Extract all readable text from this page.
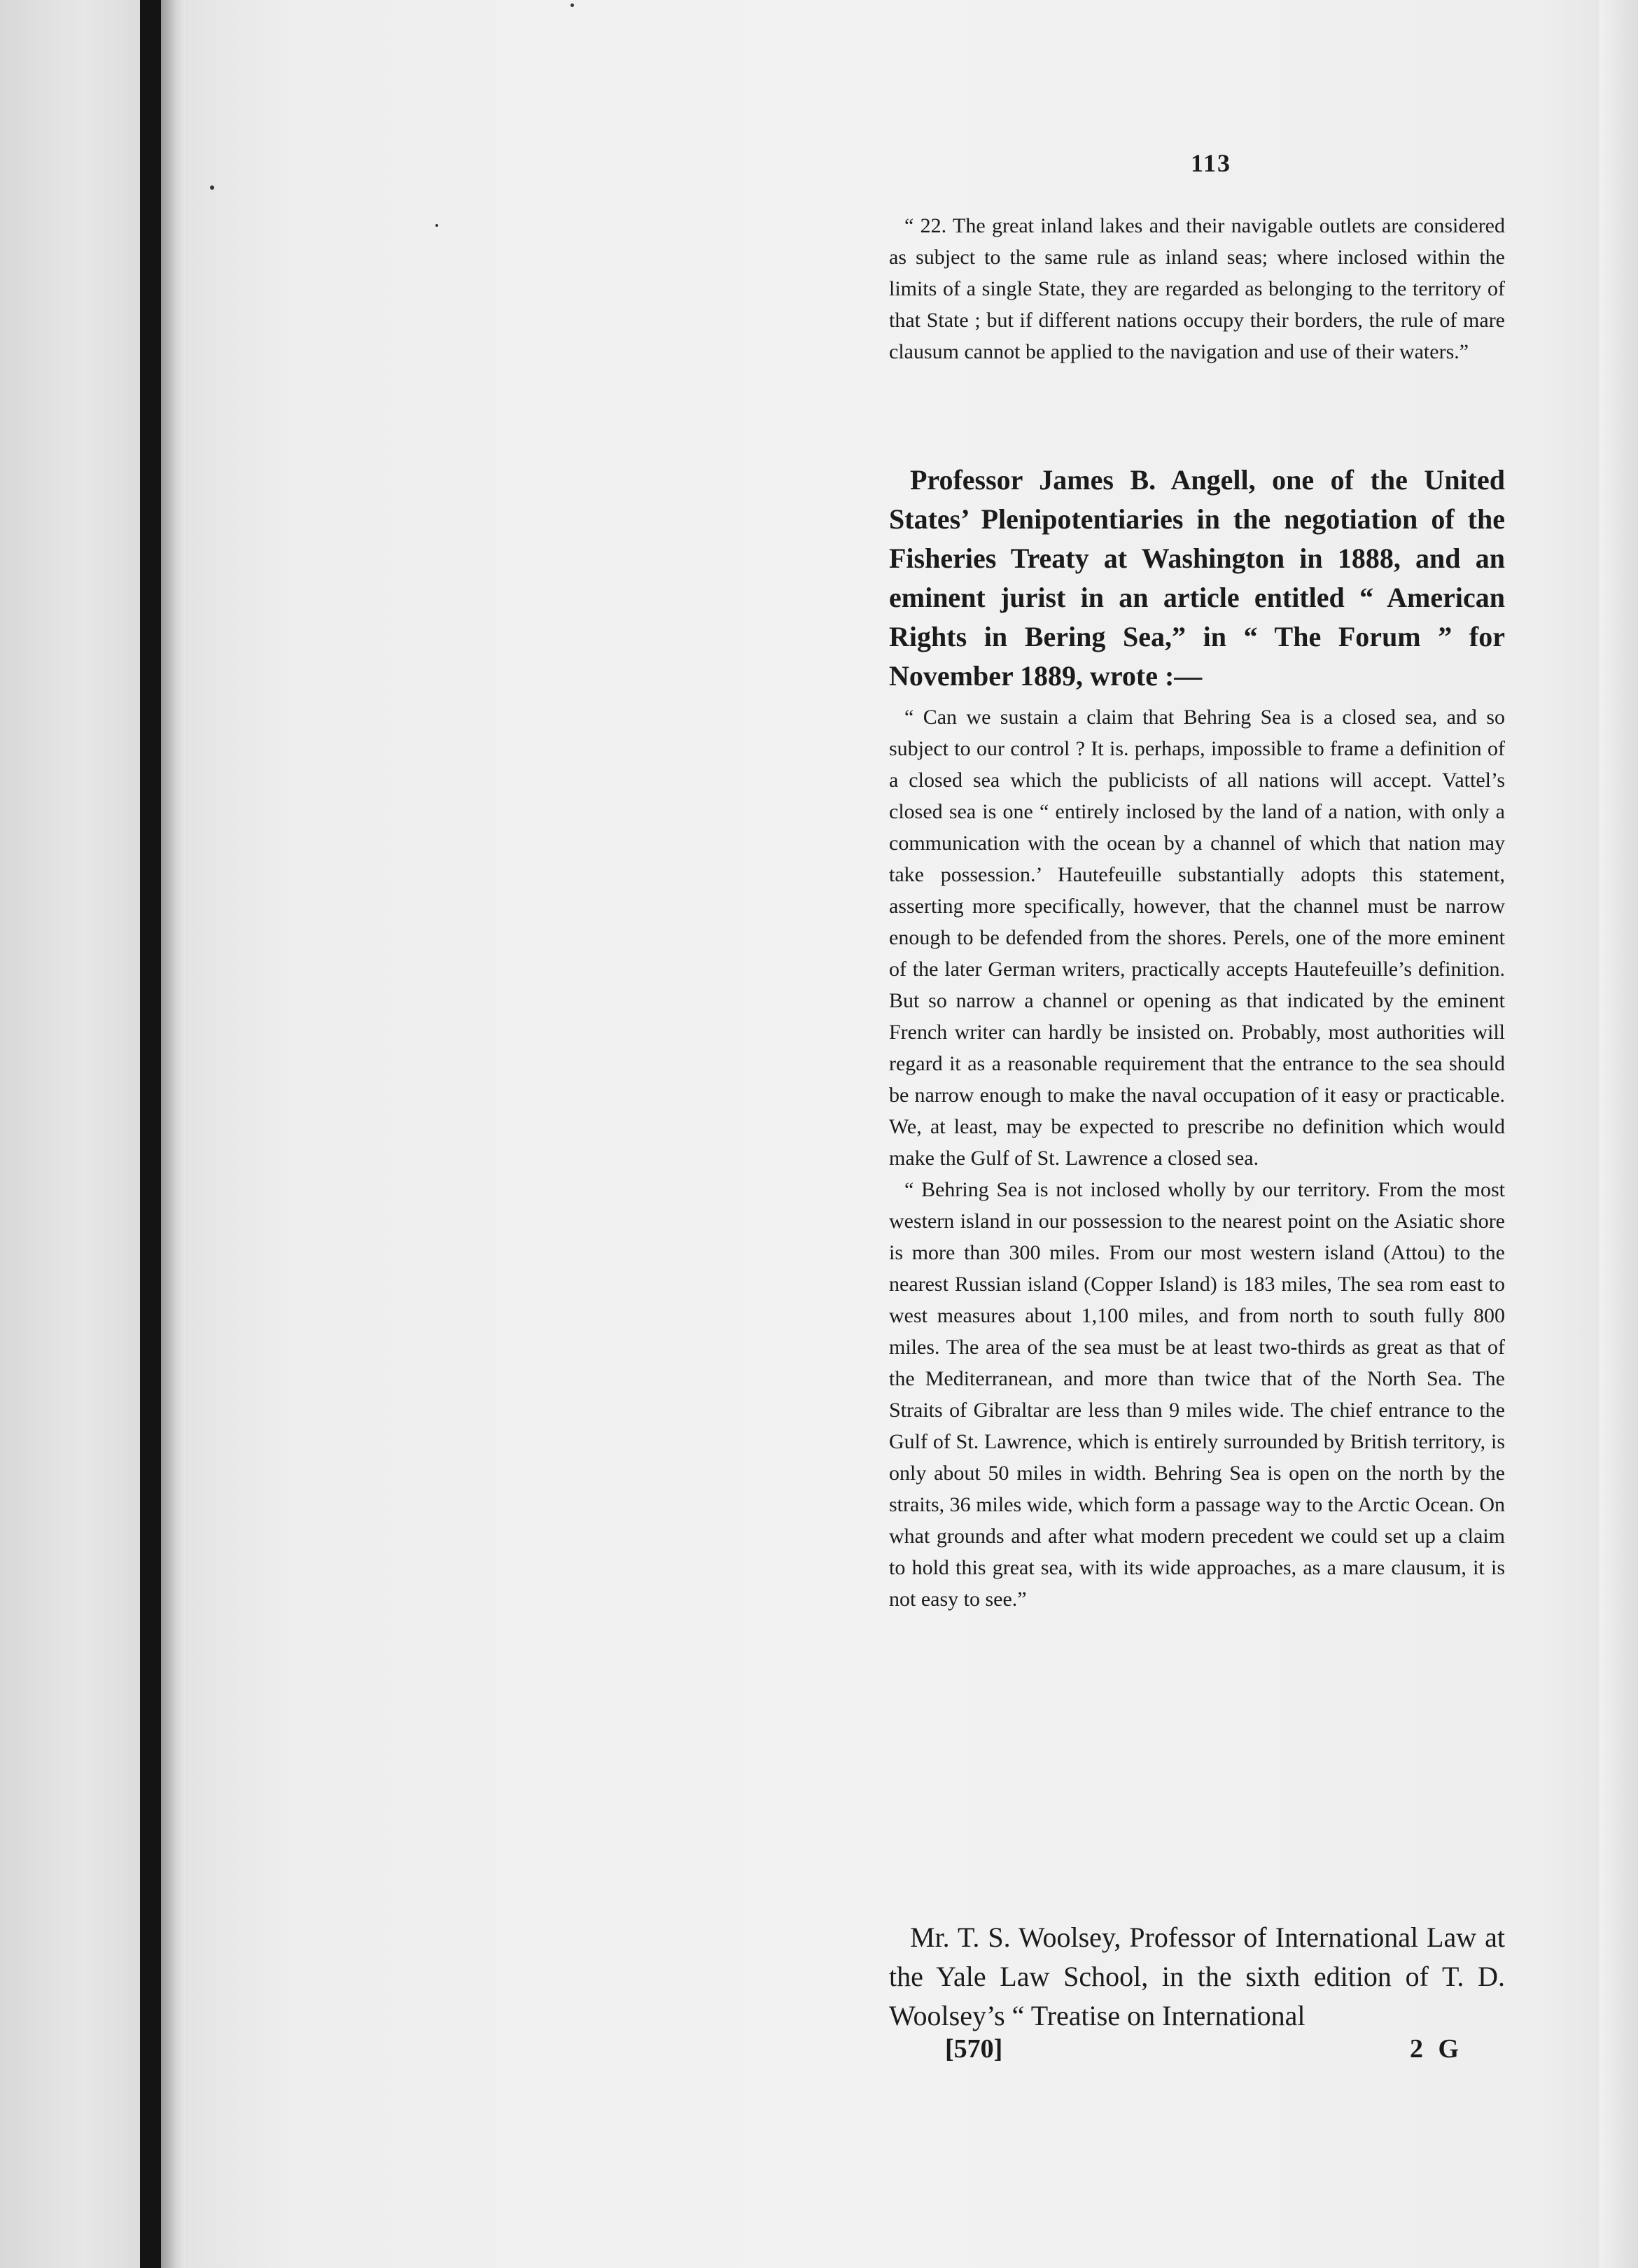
113

“ 22. The great inland lakes and their navigable outlets are considered as subject to the same rule as inland seas; where inclosed within the limits of a single State, they are regarded as belonging to the territory of that State ; but if different nations occupy their borders, the rule of mare clausum cannot be applied to the navigation and use of their waters.”

Professor James B. Angell, one of the United States’ Plenipotentiaries in the negotiation of the Fisheries Treaty at Washington in 1888, and an eminent jurist in an article entitled “ American Rights in Bering Sea,” in “ The Forum ” for November 1889, wrote :—

“ Can we sustain a claim that Behring Sea is a closed sea, and so subject to our control ? It is. perhaps, impossible to frame a definition of a closed sea which the publicists of all nations will accept. Vattel’s closed sea is one “ entirely inclosed by the land of a nation, with only a communication with the ocean by a channel of which that nation may take possession.’ Hautefeuille substantially adopts this statement, asserting more specifically, however, that the channel must be narrow enough to be defended from the shores. Perels, one of the more eminent of the later German writers, practically accepts Hautefeuille’s definition. But so narrow a channel or opening as that indicated by the eminent French writer can hardly be insisted on. Probably, most authorities will regard it as a reasonable requirement that the entrance to the sea should be narrow enough to make the naval occupation of it easy or practicable. We, at least, may be expected to prescribe no definition which would make the Gulf of St. Lawrence a closed sea.

“ Behring Sea is not inclosed wholly by our territory. From the most western island in our possession to the nearest point on the Asiatic shore is more than 300 miles. From our most western island (Attou) to the nearest Russian island (Copper Island) is 183 miles, The sea rom east to west measures about 1,100 miles, and from north to south fully 800 miles. The area of the sea must be at least two-thirds as great as that of the Mediterranean, and more than twice that of the North Sea. The Straits of Gibraltar are less than 9 miles wide. The chief entrance to the Gulf of St. Lawrence, which is entirely surrounded by British territory, is only about 50 miles in width. Behring Sea is open on the north by the straits, 36 miles wide, which form a passage way to the Arctic Ocean. On what grounds and after what modern precedent we could set up a claim to hold this great sea, with its wide approaches, as a mare clausum, it is not easy to see.”

Mr. T. S. Woolsey, Professor of International Law at the Yale Law School, in the sixth edition of T. D. Woolsey’s “ Treatise on International

[570]	2 G
